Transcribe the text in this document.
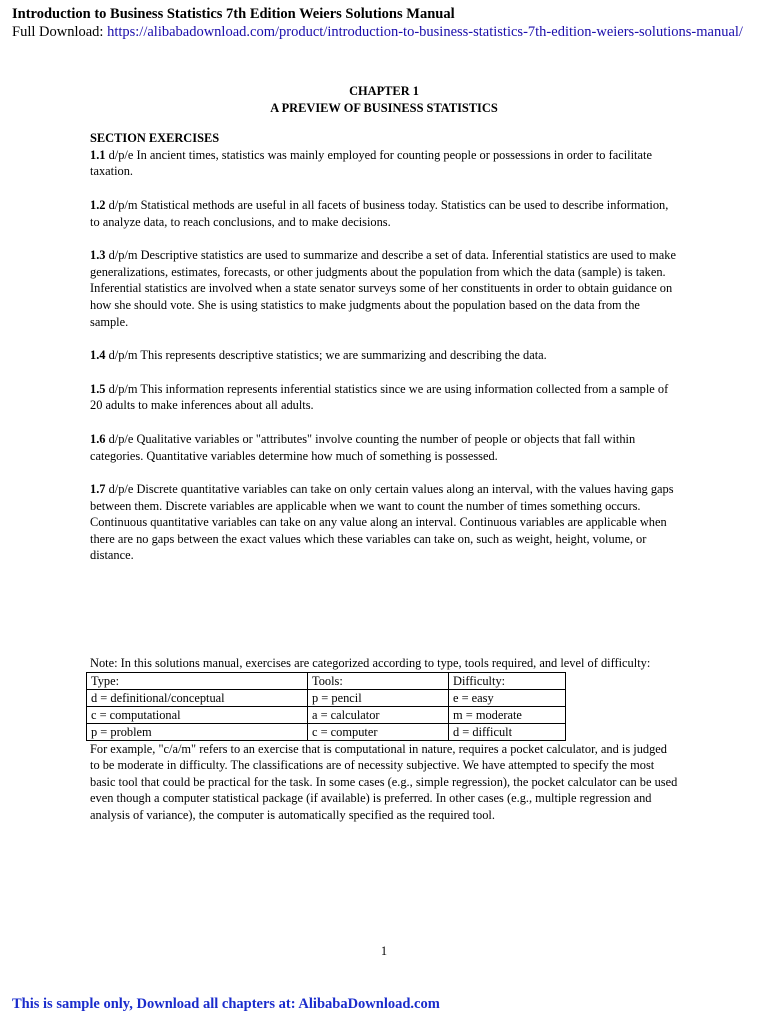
Introduction to Business Statistics 7th Edition Weiers Solutions Manual
Full Download: https://alibabadownload.com/product/introduction-to-business-statistics-7th-edition-weiers-solutions-manual/
CHAPTER 1
A PREVIEW OF BUSINESS STATISTICS
SECTION EXERCISES

1.1 d/p/e In ancient times, statistics was mainly employed for counting people or possessions in order to facilitate taxation.

1.2 d/p/m Statistical methods are useful in all facets of business today. Statistics can be used to describe information, to analyze data, to reach conclusions, and to make decisions.

1.3 d/p/m Descriptive statistics are used to summarize and describe a set of data. Inferential statistics are used to make generalizations, estimates, forecasts, or other judgments about the population from which the data (sample) is taken. Inferential statistics are involved when a state senator surveys some of her constituents in order to obtain guidance on how she should vote. She is using statistics to make judgments about the population based on the data from the sample.

1.4 d/p/m This represents descriptive statistics; we are summarizing and describing the data.

1.5 d/p/m This information represents inferential statistics since we are using information collected from a sample of 20 adults to make inferences about all adults.

1.6 d/p/e Qualitative variables or "attributes" involve counting the number of people or objects that fall within categories. Quantitative variables determine how much of something is possessed.

1.7 d/p/e Discrete quantitative variables can take on only certain values along an interval, with the values having gaps between them. Discrete variables are applicable when we want to count the number of times something occurs. Continuous quantitative variables can take on any value along an interval. Continuous variables are applicable when there are no gaps between the exact values which these variables can take on, such as weight, height, volume, or distance.

Note: In this solutions manual, exercises are categorized according to type, tools required, and level of difficulty:
Type:	Tools:	Difficulty:
d = definitional/conceptual	p = pencil	e = easy
c = computational	a = calculator	m = moderate
p = problem	c = computer	d = difficult
For example, "c/a/m" refers to an exercise that is computational in nature, requires a pocket calculator, and is judged to be moderate in difficulty. The classifications are of necessity subjective. We have attempted to specify the most basic tool that could be practical for the task. In some cases (e.g., simple regression), the pocket calculator can be used even though a computer statistical package (if available) is preferred. In other cases (e.g., multiple regression and analysis of variance), the computer is automatically specified as the required tool.
1
This is sample only, Download all chapters at: AlibabaDownload.com
